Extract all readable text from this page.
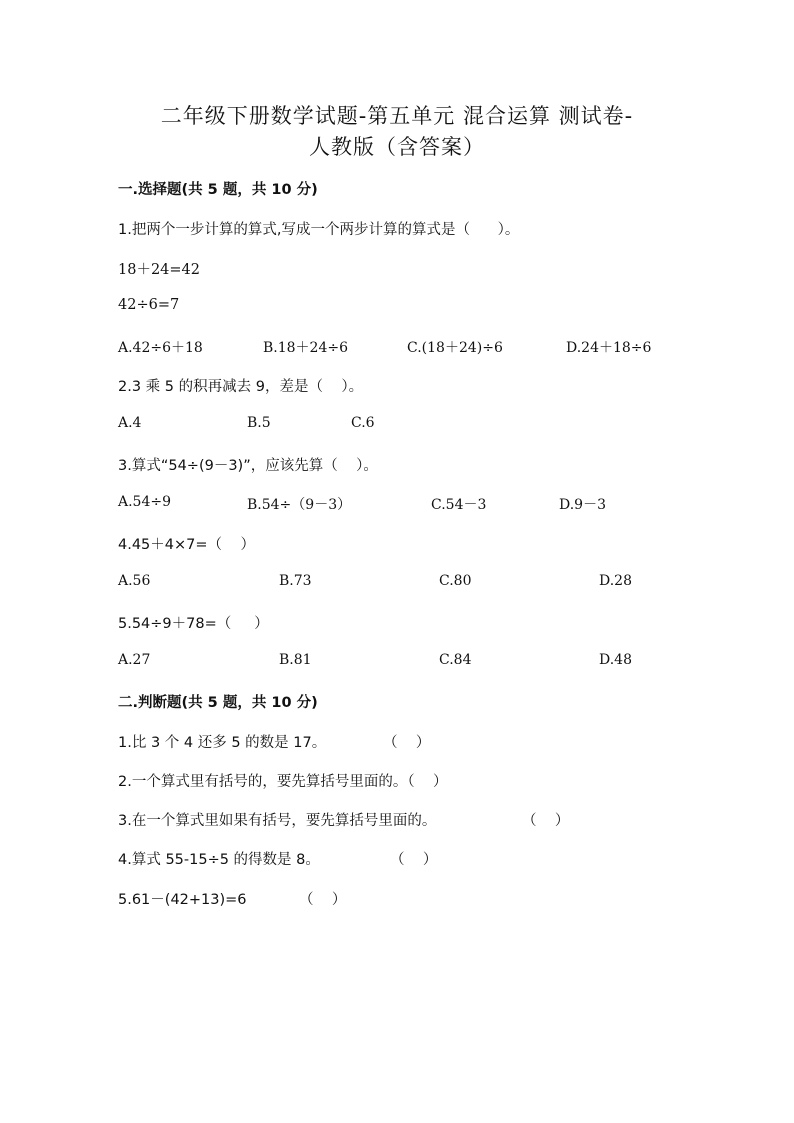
二年级下册数学试题-第五单元 混合运算 测试卷-
人教版（含答案）
一.选择题(共 5 题，共 10 分)
1.把两个一步计算的算式,写成一个两步计算的算式是（      ）。
18＋24=42
42÷6=7
A.42÷6＋18	B.18＋24÷6	C.(18＋24)÷6	D.24＋18÷6
2.3 乘 5 的积再减去 9，差是（    ）。
A.4	B.5	C.6
3.算式“54÷(9－3)”，应该先算（    ）。
A.54÷9	B.54÷（9－3）	C.54－3	D.9－3
4.45＋4×7=（    ）
A.56	B.73	C.80	D.28
5.54÷9＋78=（     ）
A.27	B.81	C.84	D.48
二.判断题(共 5 题，共 10 分)
1.比 3 个 4 还多 5 的数是 17。	（    ）
2.一个算式里有括号的，要先算括号里面的。（    ）
3.在一个算式里如果有括号，要先算括号里面的。	（    ）
4.算式 55-15÷5 的得数是 8。	（    ）
5.61－(42+13)=6	（    ）
